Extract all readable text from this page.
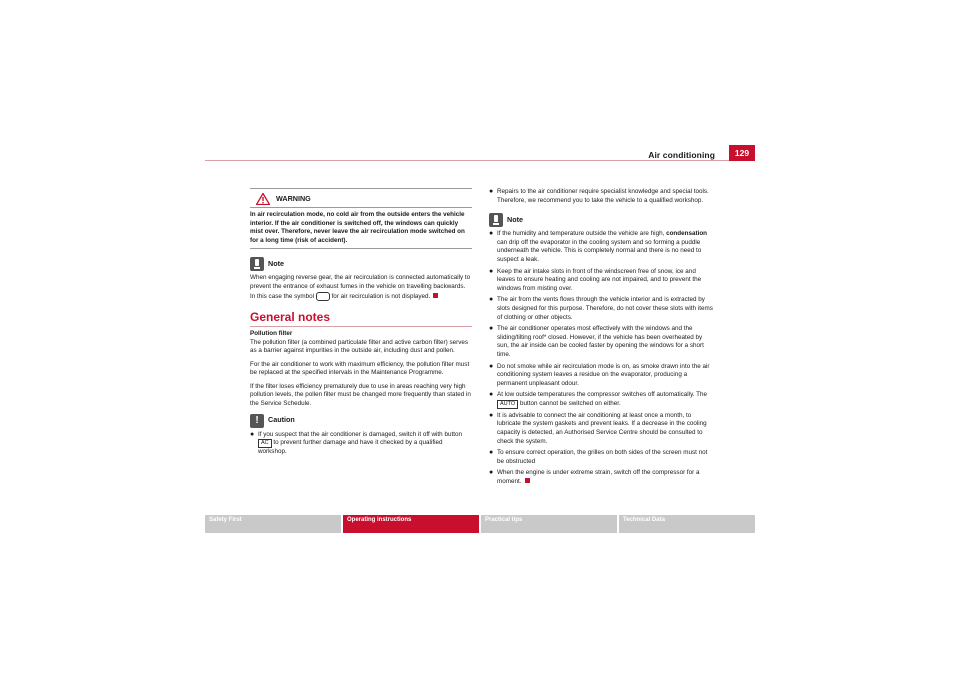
Air conditioning	129
WARNING
In air recirculation mode, no cold air from the outside enters the vehicle interior. If the air conditioner is switched off, the windows can quickly mist over. Therefore, never leave the air recirculation mode switched on for a long time (risk of accident).
Note

When engaging reverse gear, the air recirculation is connected automatically to prevent the entrance of exhaust fumes in the vehicle on travelling backwards. In this case the symbol	for air recirculation is not displayed.

General notes
Pollution filter

The pollution filter (a combined particulate filter and active carbon filter) serves as a barrier against impurities in the outside air, including dust and pollen.

For the air conditioner to work with maximum efficiency, the pollution filter must be replaced at the specified intervals in the Maintenance Programme.

If the filter loses efficiency prematurely due to use in areas reaching very high pollution levels, the pollen filter must be changed more frequently than stated in the Service Schedule.

!	Caution
● If you suspect that the air conditioner is damaged, switch it off with button AC to prevent further damage and have it checked by a qualified workshop.
● Repairs to the air conditioner require specialist knowledge and special tools. Therefore, we recommend you to take the vehicle to a qualified workshop.
Note
● If the humidity and temperature outside the vehicle are high, condensation can drip off the evaporator in the cooling system and so forming a puddle underneath the vehicle. This is completely normal and there is no need to suspect a leak.
● Keep the air intake slots in front of the windscreen free of snow, ice and leaves to ensure heating and cooling are not impaired, and to prevent the windows from misting over.
● The air from the vents flows through the vehicle interior and is extracted by slots designed for this purpose. Therefore, do not cover these slots with items of clothing or other objects.
● The air conditioner operates most effectively with the windows and the sliding/tilting roof* closed. However, if the vehicle has been overheated by sun, the air inside can be cooled faster by opening the windows for a short time.
● Do not smoke while air recirculation mode is on, as smoke drawn into the air conditioning system leaves a residue on the evaporator, producing a permanent unpleasant odour.
● At low outside temperatures the compressor switches off automatically. The AUTO button cannot be switched on either.
● It is advisable to connect the air conditioning at least once a month, to lubricate the system gaskets and prevent leaks. If a decrease in the cooling capacity is detected, an Authorised Service Centre should be consulted to check the system.
● To ensure correct operation, the grilles on both sides of the screen must not be obstructed
● When the engine is under extreme strain, switch off the compressor for a moment.
Safety First	Operating instructions	Practical tips	Technical Data
